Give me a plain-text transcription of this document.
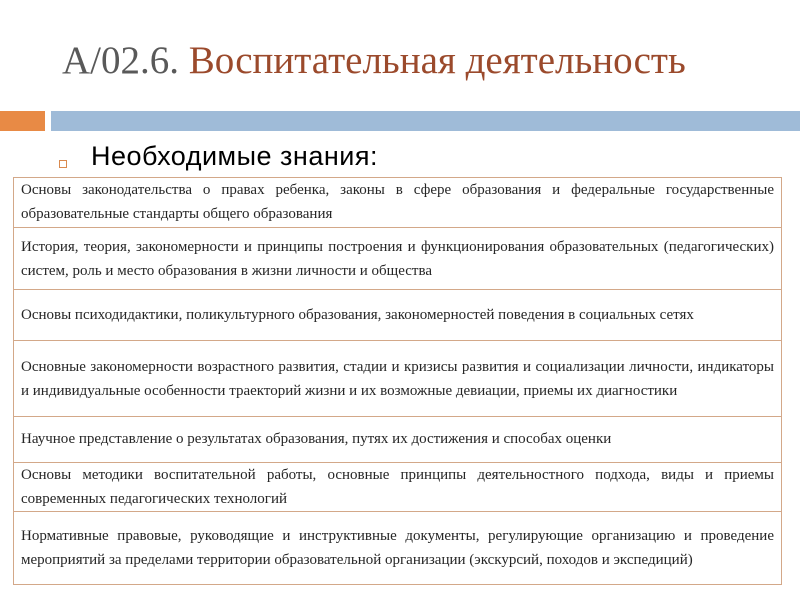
A/02.6. Воспитательная деятельность
Необходимые знания:
Основы законодательства о правах ребенка, законы в сфере образования и федеральные государственные образовательные стандарты общего образования
История, теория, закономерности и принципы построения и функционирования образовательных (педагогических) систем, роль и место образования в жизни личности и общества
Основы психодидактики, поликультурного образования, закономерностей поведения в социальных сетях
Основные закономерности возрастного развития, стадии и кризисы развития и социализации личности, индикаторы и индивидуальные особенности траекторий жизни и их возможные девиации, приемы их диагностики
Научное представление о результатах образования, путях их достижения и способах оценки
Основы методики воспитательной работы, основные принципы деятельностного подхода, виды и приемы современных педагогических технологий
Нормативные правовые, руководящие и инструктивные документы, регулирующие организацию и проведение мероприятий за пределами территории образовательной организации (экскурсий, походов и экспедиций)
